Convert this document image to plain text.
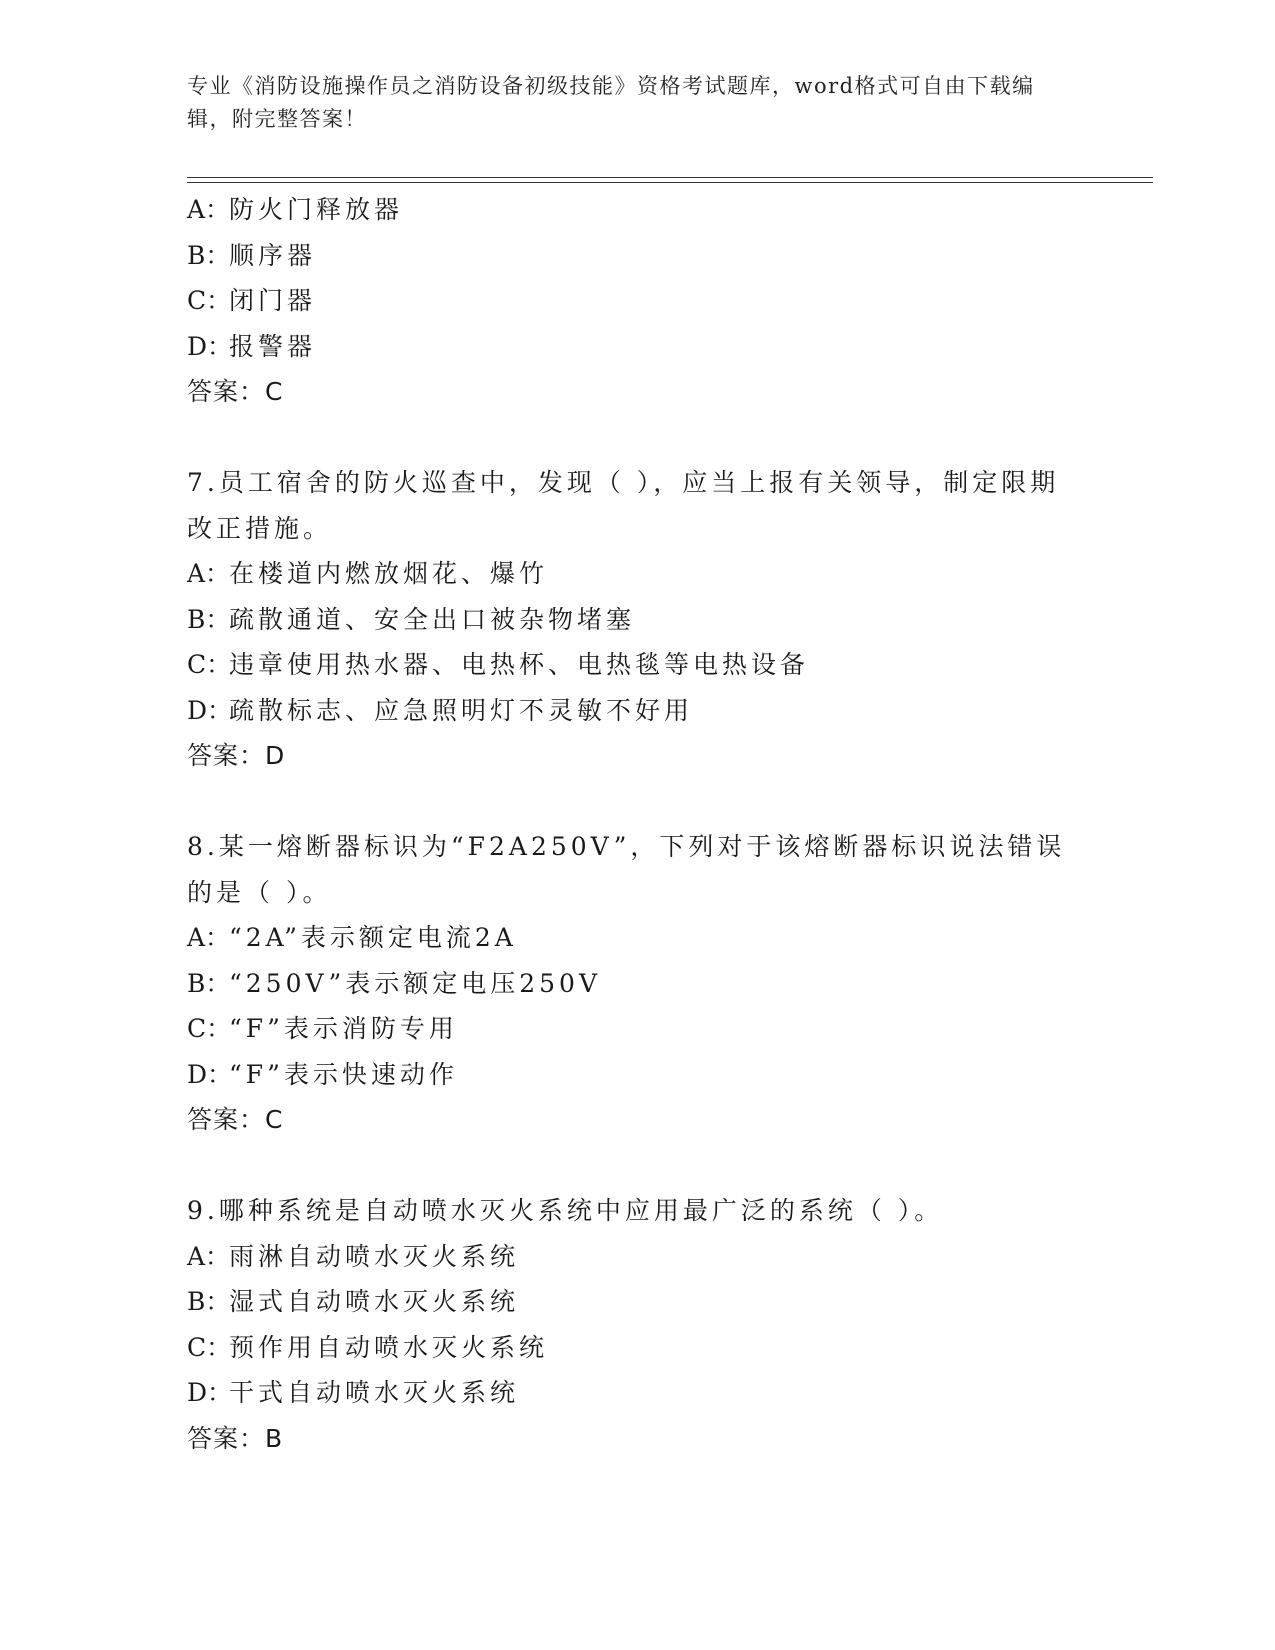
专业《消防设施操作员之消防设备初级技能》资格考试题库，word格式可自由下载编辑，附完整答案！
A：防火门释放器
B：顺序器
C：闭门器
D：报警器
答案：C
7.员工宿舍的防火巡查中，发现（ ），应当上报有关领导，制定限期改正措施。
A：在楼道内燃放烟花、爆竹
B：疏散通道、安全出口被杂物堵塞
C：违章使用热水器、电热杯、电热毯等电热设备
D：疏散标志、应急照明灯不灵敏不好用
答案：D
8.某一熔断器标识为“F2A250V”，下列对于该熔断器标识说法错误的是（ ）。
A：“2A”表示额定电流2A
B：“250V”表示额定电压250V
C：“F”表示消防专用
D：“F”表示快速动作
答案：C
9.哪种系统是自动喷水灭火系统中应用最广泛的系统（ ）。
A：雨淋自动喷水灭火系统
B：湿式自动喷水灭火系统
C：预作用自动喷水灭火系统
D：干式自动喷水灭火系统
答案：B
